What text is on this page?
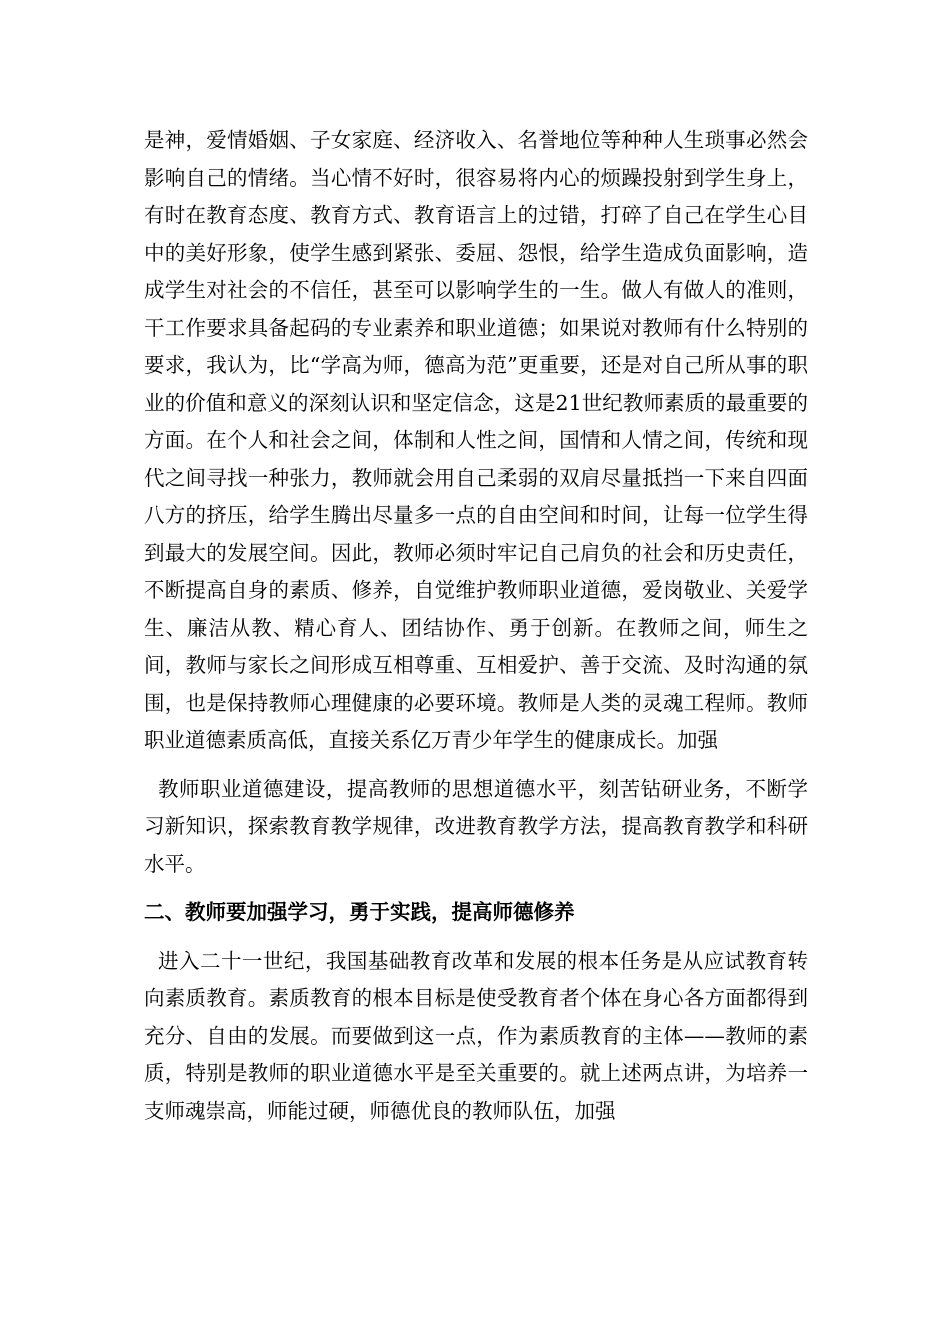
是神，爱情婚姻、子女家庭、经济收入、名誉地位等种种人生琐事必然会影响自己的情绪。当心情不好时，很容易将内心的烦躁投射到学生身上，有时在教育态度、教育方式、教育语言上的过错，打碎了自己在学生心目中的美好形象，使学生感到紧张、委屈、怨恨，给学生造成负面影响，造成学生对社会的不信任，甚至可以影响学生的一生。做人有做人的准则，干工作要求具备起码的专业素养和职业道德；如果说对教师有什么特别的要求，我认为，比“学高为师，德高为范”更重要，还是对自己所从事的职业的价值和意义的深刻认识和坚定信念，这是21世纪教师素质的最重要的方面。在个人和社会之间，体制和人性之间，国情和人情之间，传统和现代之间寻找一种张力，教师就会用自己柔弱的双肩尽量抵挡一下来自四面八方的挤压，给学生腾出尽量多一点的自由空间和时间，让每一位学生得到最大的发展空间。因此，教师必须时牢记自己肩负的社会和历史责任，不断提高自身的素质、修养，自觉维护教师职业道德，爱岗敬业、关爱学生、廉洁从教、精心育人、团结协作、勇于创新。在教师之间，师生之间，教师与家长之间形成互相尊重、互相爱护、善于交流、及时沟通的氛围，也是保持教师心理健康的必要环境。教师是人类的灵魂工程师。教师职业道德素质高低，直接关系亿万青少年学生的健康成长。加强

教师职业道德建设，提高教师的思想道德水平，刻苦钻研业务，不断学习新知识，探索教育教学规律，改进教育教学方法，提高教育教学和科研水平。

二、教师要加强学习，勇于实践，提高师德修养

进入二十一世纪，我国基础教育改革和发展的根本任务是从应试教育转向素质教育。素质教育的根本目标是使受教育者个体在身心各方面都得到充分、自由的发展。而要做到这一点，作为素质教育的主体——教师的素质，特别是教师的职业道德水平是至关重要的。就上述两点讲，为培养一支师魂崇高，师能过硬，师德优良的教师队伍，加强
